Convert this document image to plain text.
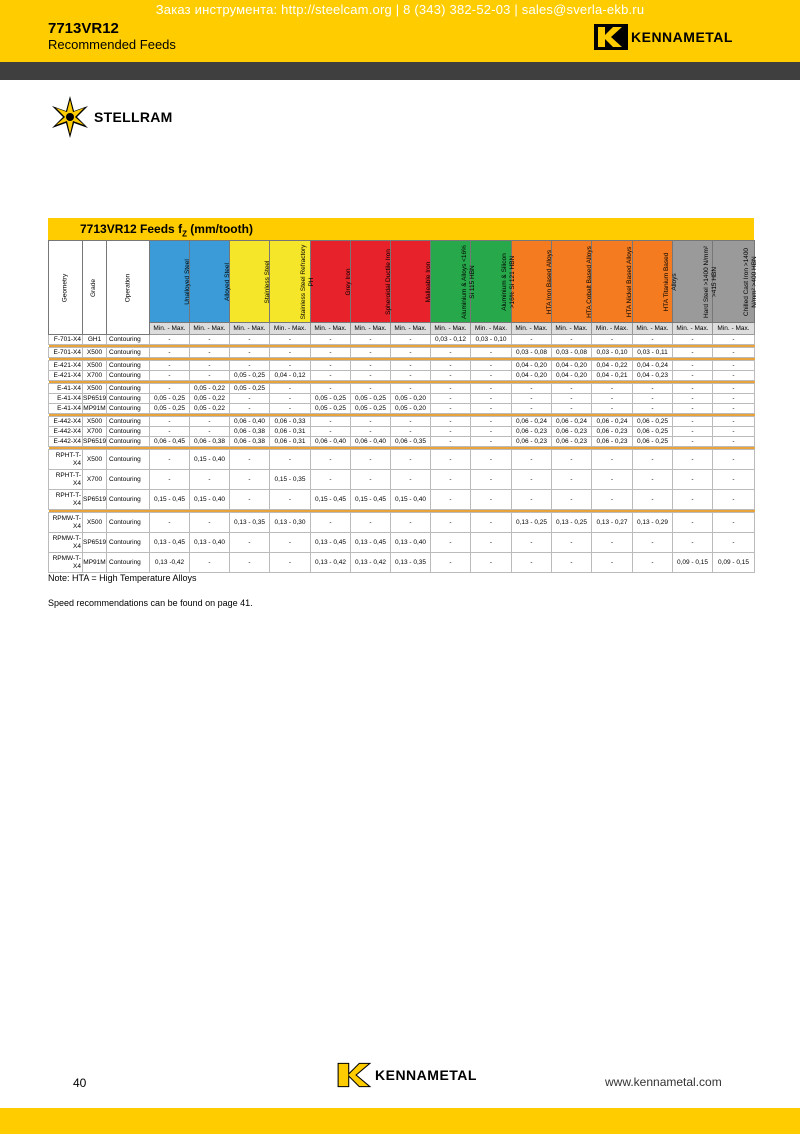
Заказ инструмента: http://steelcam.org | 8 (343) 382-52-03 | sales@sverla-ekb.ru
7713VR12
Recommended Feeds	KENNAMETAL
STELLRAM
7713VR12 Feeds $f_Z$ (mm/tooth)
Geometry	Grade	Operation	Unalloyed Steel	Alloyed Steel	Stainless Steel	Stainless Steel Refractory PH	Grey Iron	Spheroidal Ductile Iron	Malleable Iron	Aluminium & Alloys <16% Si 115 HBN	Aluminium & Silicon >16% Si 121 HBN	HTA Iron Based Alloys	HTA Cobalt Based Alloys	HTA Nickel Based Alloys	HTA Titanium Based Alloys	Hard Steel >1400 N/mm² >415 HBN	Chilled Cast Iron >1400 N/mm² >400 HBN
			Min. - Max.	Min. - Max.	Min. - Max.	Min. - Max.	Min. - Max.	Min. - Max.	Min. - Max.	Min. - Max.	Min. - Max.	Min. - Max.	Min. - Max.	Min. - Max.	Min. - Max.	Min. - Max.	Min. - Max.
F-701-X4	GH1	Contouring	-	-	-	-	-	-	-	0,03 - 0,12	0,03 - 0,10	-	-	-	-	-	-

E-701-X4	X500	Contouring	-	-	-	-	-	-	-	-	-	0,03 - 0,08	0,03 - 0,08	0,03 - 0,10	0,03 - 0,11	-	-

E-421-X4	X500	Contouring	-	-	-	-	-	-	-	-	-	0,04 - 0,20	0,04 - 0,20	0,04 - 0,22	0,04 - 0,24	-	-
E-421-X4	X700	Contouring	-	-	0,05 - 0,25	0,04 - 0,12	-	-	-	-	-	0,04 - 0,20	0,04 - 0,20	0,04 - 0,21	0,04 - 0,23	-	-

E-41-X4	X500	Contouring	-	0,05 - 0,22	0,05 - 0,25	-	-	-	-	-	-	-	-	-	-	-	-
E-41-X4	SP6519	Contouring	0,05 - 0,25	0,05 - 0,22	-	-	0,05 - 0,25	0,05 - 0,25	0,05 - 0,20	-	-	-	-	-	-	-	-
E-41-X4	MP91M	Contouring	0,05 - 0,25	0,05 - 0,22	-	-	0,05 - 0,25	0,05 - 0,25	0,05 - 0,20	-	-	-	-	-	-	-	-

E-442-X4	X500	Contouring	-	-	0,06 - 0,40	0,06 - 0,33	-	-	-	-	-	0,06 - 0,24	0,06 - 0,24	0,06 - 0,24	0,06 - 0,25	-	-
E-442-X4	X700	Contouring	-	-	0,06 - 0,38	0,06 - 0,31	-	-	-	-	-	0,06 - 0,23	0,06 - 0,23	0,06 - 0,23	0,06 - 0,25	-	-
E-442-X4	SP6519	Contouring	0,06 - 0,45	0,06 - 0,38	0,06 - 0,38	0,06 - 0,31	0,06 - 0,40	0,06 - 0,40	0,06 - 0,35	-	-	0,06 - 0,23	0,06 - 0,23	0,06 - 0,23	0,06 - 0,25	-	-

RPHT-T-X4	X500	Contouring	-	0,15 - 0,40	-	-	-	-	-	-	-	-	-	-	-	-	-
RPHT-T-X4	X700	Contouring	-	-	-	0,15 - 0,35	-	-	-	-	-	-	-	-	-	-	-
RPHT-T-X4	SP6519	Contouring	0,15 - 0,45	0,15 - 0,40	-	-	0,15 - 0,45	0,15 - 0,45	0,15 - 0,40	-	-	-	-	-	-	-	-

RPMW-T-X4	X500	Contouring	-	-	0,13 - 0,35	0,13 - 0,30	-	-	-	-	-	0,13 - 0,25	0,13 - 0,25	0,13 - 0,27	0,13 - 0,29	-	-
RPMW-T-X4	SP6519	Contouring	0,13 - 0,45	0,13 - 0,40	-	-	0,13 - 0,45	0,13 - 0,45	0,13 - 0,40	-	-	-	-	-	-	-	-
RPMW-T-X4	MP91M	Contouring	0,13 -0,42	-	-	-	0,13 - 0,42	0,13 - 0,42	0,13 - 0,35	-	-	-	-	-	-	0,09 - 0,15	0,09 - 0,15
Note: HTA = High Temperature Alloys
Speed recommendations can be found on page 41.
40	KENNAMETAL	www.kennametal.com
